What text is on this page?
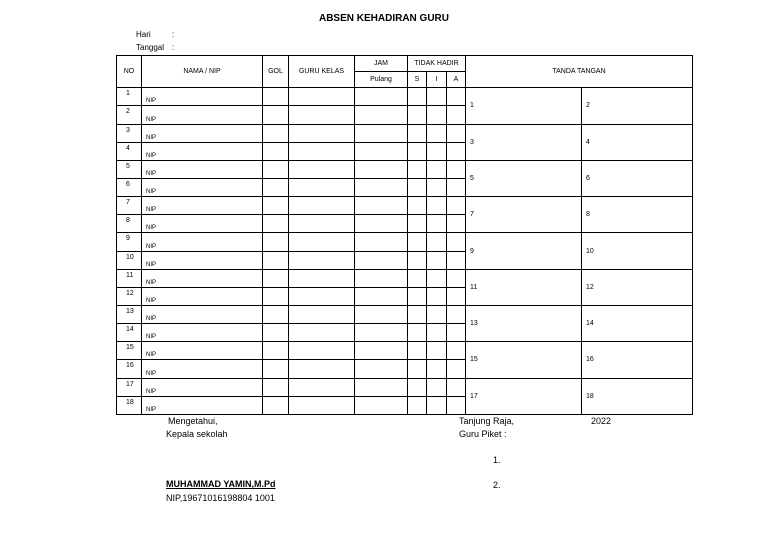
ABSEN KEHADIRAN GURU
Hari	:
Tanggal :
NO	NAMA / NIP	GOL	GURU KELAS	JAM	TIDAK HADIR			TANDA TANGAN	
				Pulang	S	I	A		
1	NIP							1	2
2	NIP								
3	NIP							3	4
4	NIP								
5	NIP							5	6
6	NIP								
7	NIP							7	8
8	NIP								
9	NIP							9	10
10	NIP								
11	NIP							11	12
12	NIP								
13	NIP							13	14
14	NIP								
15	NIP							15	16
16	NIP								
17	NIP							17	18
18	NIP								
Mengetahui,
Kepala sekolah
MUHAMMAD YAMIN,M.Pd
NIP,19671016198804 1001
Tanjung Raja,	2022
Guru Piket :
1.
2.
